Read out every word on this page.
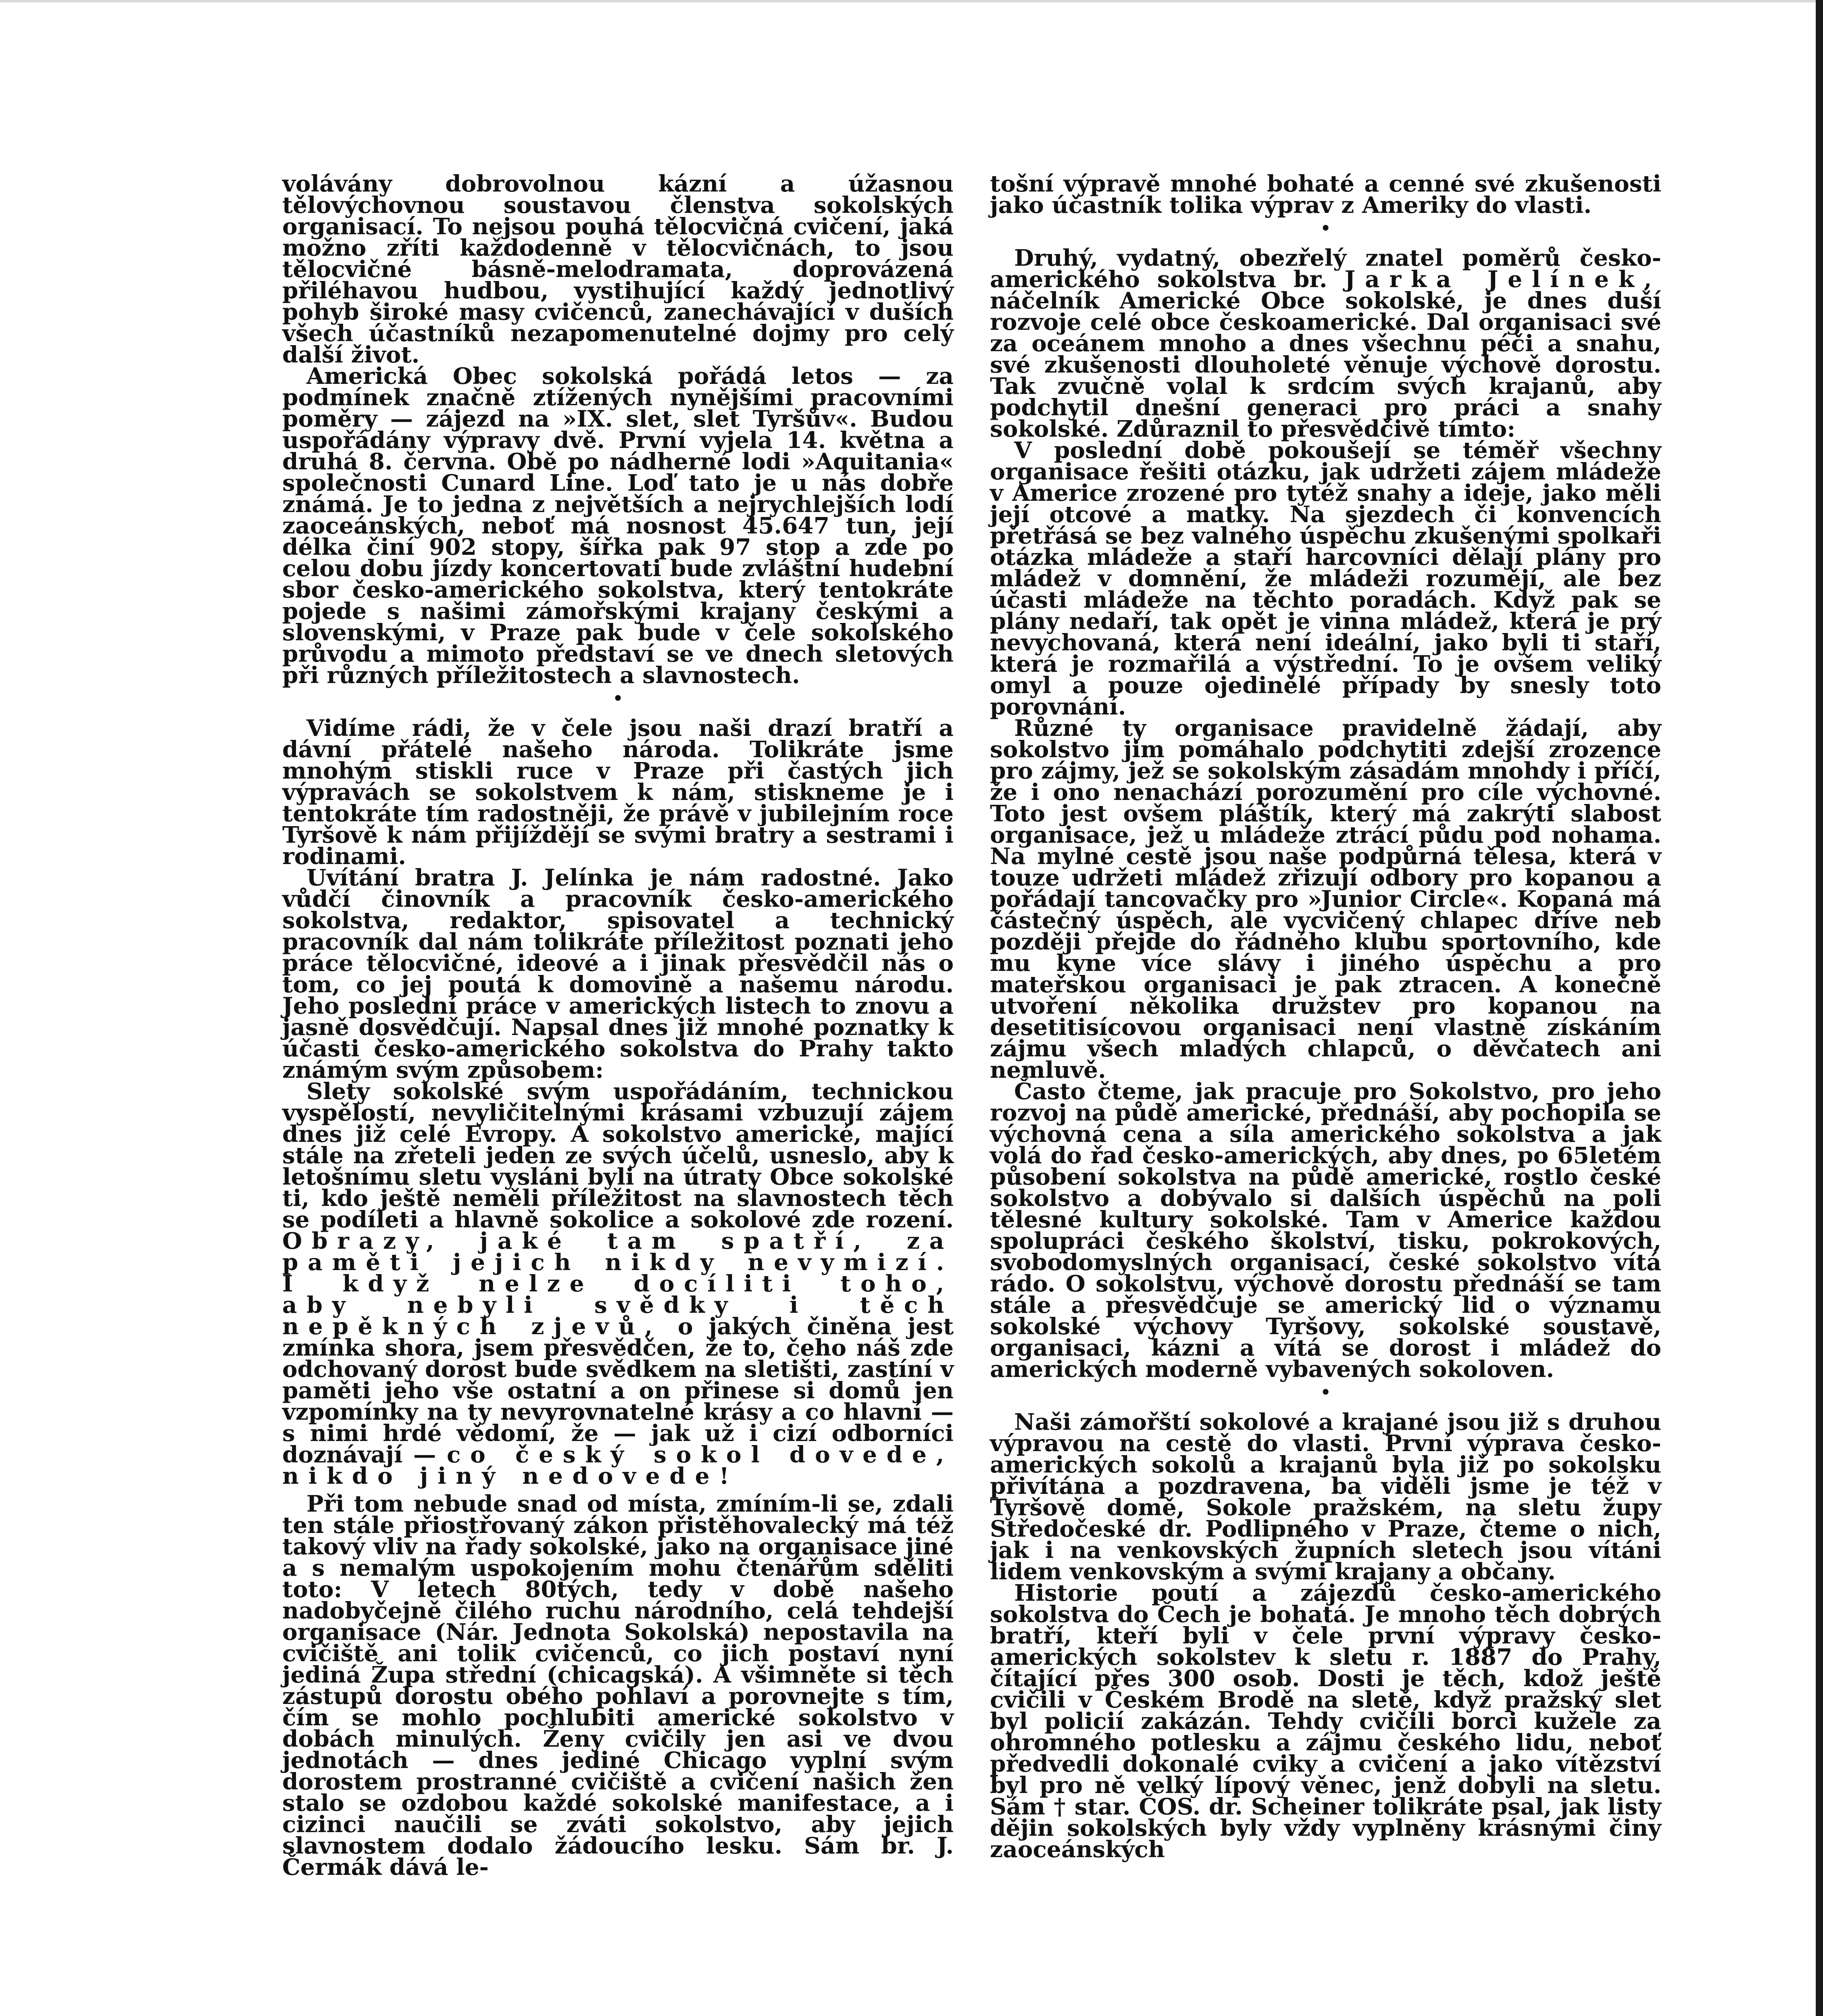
volávány dobrovolnou kázní a úžasnou tělovýchovnou soustavou členstva sokolských organisací. To nejsou pouhá tělocvičná cvičení, jaká možno zříti každodenně v tělocvičnách, to jsou tělocvičné básně-melodramata, doprovázená přiléhavou hudbou, vystihující každý jednotlivý pohyb široké masy cvičenců, zanechávající v duších všech účastníků nezapomenutelné dojmy pro celý další život.

Americká Obec sokolská pořádá letos — za podmínek značně ztížených nynějšími pracovními poměry — zájezd na »IX. slet, slet Tyršův«. Budou uspořádány výpravy dvě. První vyjela 14. května a druhá 8. června. Obě po nádherné lodi »Aquitania« společnosti Cunard Line. Loď tato je u nás dobře známá. Je to jedna z největších a nejrychlejších lodí zaoceánských, neboť má nosnost 45.647 tun, její délka činí 902 stopy, šířka pak 97 stop a zde po celou dobu jízdy koncertovati bude zvláštní hudební sbor česko-amerického sokolstva, který tentokráte pojede s našimi zámořskými krajany českými a slovenskými, v Praze pak bude v čele sokolského průvodu a mimoto představí se ve dnech sletových při různých příležitostech a slavnostech.

•

Vidíme rádi, že v čele jsou naši drazí bratří a dávní přátelé našeho národa. Tolikráte jsme mnohým stiskli ruce v Praze při častých jich výpravách se sokolstvem k nám, stiskneme je i tentokráte tím radostněji, že právě v jubilejním roce Tyršově k nám přijíždějí se svými bratry a sestrami i rodinami.

Uvítání bratra J. Jelínka je nám radostné. Jako vůdčí činovník a pracovník česko-amerického sokolstva, redaktor, spisovatel a technický pracovník dal nám tolikráte příležitost poznati jeho práce tělocvičné, ideové a i jinak přesvědčil nás o tom, co jej poutá k domovině a našemu národu. Jeho poslední práce v amerických listech to znovu a jasně dosvědčují. Napsal dnes již mnohé poznatky k účasti česko-amerického sokolstva do Prahy takto známým svým způsobem:

Slety sokolské svým uspořádáním, technickou vyspělostí, nevyličitelnými krásami vzbuzují zájem dnes již celé Evropy. A sokolstvo americké, mající stále na zřeteli jeden ze svých účelů, usneslo, aby k letošnímu sletu vysláni byli na útraty Obce sokolské ti, kdo ještě neměli příležitost na slavnostech těch se podíleti a hlavně sokolice a sokolové zde rození. Obrazy, jaké tam spatří, za paměti jejich nikdy nevymizí. I když nelze docíliti toho, aby nebyli svědky i těch nepěkných zjevů, o jakých činěna jest zmínka shora, jsem přesvědčen, že to, čeho náš zde odchovaný dorost bude svědkem na sletišti, zastíní v paměti jeho vše ostatní a on přinese si domů jen vzpomínky na ty nevyrovnatelné krásy a co hlavní — s nimi hrdé vědomí, že — jak už i cizí odborníci doznávají — co český sokol dovede, nikdo jiný nedovede!

Při tom nebude snad od místa, zmíním-li se, zdali ten stále přiostřovaný zákon přistěhovalecký má též takový vliv na řady sokolské, jako na organisace jiné a s nemalým uspokojením mohu čtenářům sděliti toto: V letech 80tých, tedy v době našeho nadobyčejně čilého ruchu národního, celá tehdejší organisace (Nár. Jednota Sokolská) nepostavila na cvičiště ani tolik cvičenců, co jich postaví nyní jediná Župa střední (chicagská). A všimněte si těch zástupů dorostu obého pohlaví a porovnejte s tím, čím se mohlo pochlubiti americké sokolstvo v dobách minulých. Ženy cvičily jen asi ve dvou jednotách — dnes jediné Chicago vyplní svým dorostem prostranné cvičiště a cvičení našich žen stalo se ozdobou každé sokolské manifestace, a i cizinci naučili se zváti sokolstvo, aby jejich slavnostem dodalo žádoucího lesku. Sám br. J. Čermák dává le-

tošní výpravě mnohé bohaté a cenné své zkušenosti jako účastník tolika výprav z Ameriky do vlasti.

•

Druhý, vydatný, obezřelý znatel poměrů česko-amerického sokolstva br. Jarka Jelínek, náčelník Americké Obce sokolské, je dnes duší rozvoje celé obce českoamerické. Dal organisaci své za oceánem mnoho a dnes všechnu péči a snahu, své zkušenosti dlouholeté věnuje výchově dorostu. Tak zvučně volal k srdcím svých krajanů, aby podchytil dnešní generaci pro práci a snahy sokolské. Zdůraznil to přesvědčivě tímto:

V poslední době pokoušejí se téměř všechny organisace řešiti otázku, jak udržeti zájem mládeže v Americe zrozené pro tytéž snahy a ideje, jako měli její otcové a matky. Na sjezdech či konvencích přetřásá se bez valného úspěchu zkušenými spolkaři otázka mládeže a staří harcovníci dělají plány pro mládež v domnění, že mládeži rozumějí, ale bez účasti mládeže na těchto poradách. Když pak se plány nedaří, tak opět je vinna mládež, která je prý nevychovaná, která není ideální, jako byli ti staří, která je rozmařilá a výstřední. To je ovšem veliký omyl a pouze ojedinělé případy by snesly toto porovnání.

Různé ty organisace pravidelně žádají, aby sokolstvo jim pomáhalo podchytiti zdejší zrozence pro zájmy, jež se sokolským zásadám mnohdy i příčí, že i ono nenachází porozumění pro cíle výchovné. Toto jest ovšem pláštík, který má zakrýti slabost organisace, jež u mládeže ztrácí půdu pod nohama. Na mylné cestě jsou naše podpůrná tělesa, která v touze udržeti mládež zřizují odbory pro kopanou a pořádají tancovačky pro »Junior Circle«. Kopaná má částečný úspěch, ale vycvičený chlapec dříve neb později přejde do řádného klubu sportovního, kde mu kyne více slávy i jiného úspěchu a pro mateřskou organisaci je pak ztracen. A konečně utvoření několika družstev pro kopanou na desetitisícovou organisaci není vlastně získáním zájmu všech mladých chlapců, o děvčatech ani nemluvě.

Často čteme, jak pracuje pro Sokolstvo, pro jeho rozvoj na půdě americké, přednáší, aby pochopila se výchovná cena a síla amerického sokolstva a jak volá do řad česko-amerických, aby dnes, po 65letém působení sokolstva na půdě americké, rostlo české sokolstvo a dobývalo si dalších úspěchů na poli tělesné kultury sokolské. Tam v Americe každou spolupráci českého školství, tisku, pokrokových, svobodomyslných organisací, české sokolstvo vítá rádo. O sokolstvu, výchově dorostu přednáší se tam stále a přesvědčuje se americký lid o významu sokolské výchovy Tyršovy, sokolské soustavě, organisaci, kázni a vítá se dorost i mládež do amerických moderně vybavených sokoloven.

•

Naši zámořští sokolové a krajané jsou již s druhou výpravou na cestě do vlasti. První výprava česko-amerických sokolů a krajanů byla již po sokolsku přivítána a pozdravena, ba viděli jsme je též v Tyršově domě, Sokole pražském, na sletu župy Středočeské dr. Podlipného v Praze, čteme o nich, jak i na venkovských župních sletech jsou vítáni lidem venkovským a svými krajany a občany.

Historie poutí a zájezdů česko-amerického sokolstva do Čech je bohatá. Je mnoho těch dobrých bratří, kteří byli v čele první výpravy česko-amerických sokolstev k sletu r. 1887 do Prahy, čítající přes 300 osob. Dosti je těch, kdož ještě cvičili v Českém Brodě na sletě, když pražský slet byl policií zakázán. Tehdy cvičili borci kužele za ohromného potlesku a zájmu českého lidu, neboť předvedli dokonalé cviky a cvičení a jako vítězství byl pro ně velký lípový věnec, jenž dobyli na sletu. Sám † star. ČOS. dr. Scheiner tolikráte psal, jak listy dějin sokolských byly vždy vyplněny krásnými činy zaoceánských
